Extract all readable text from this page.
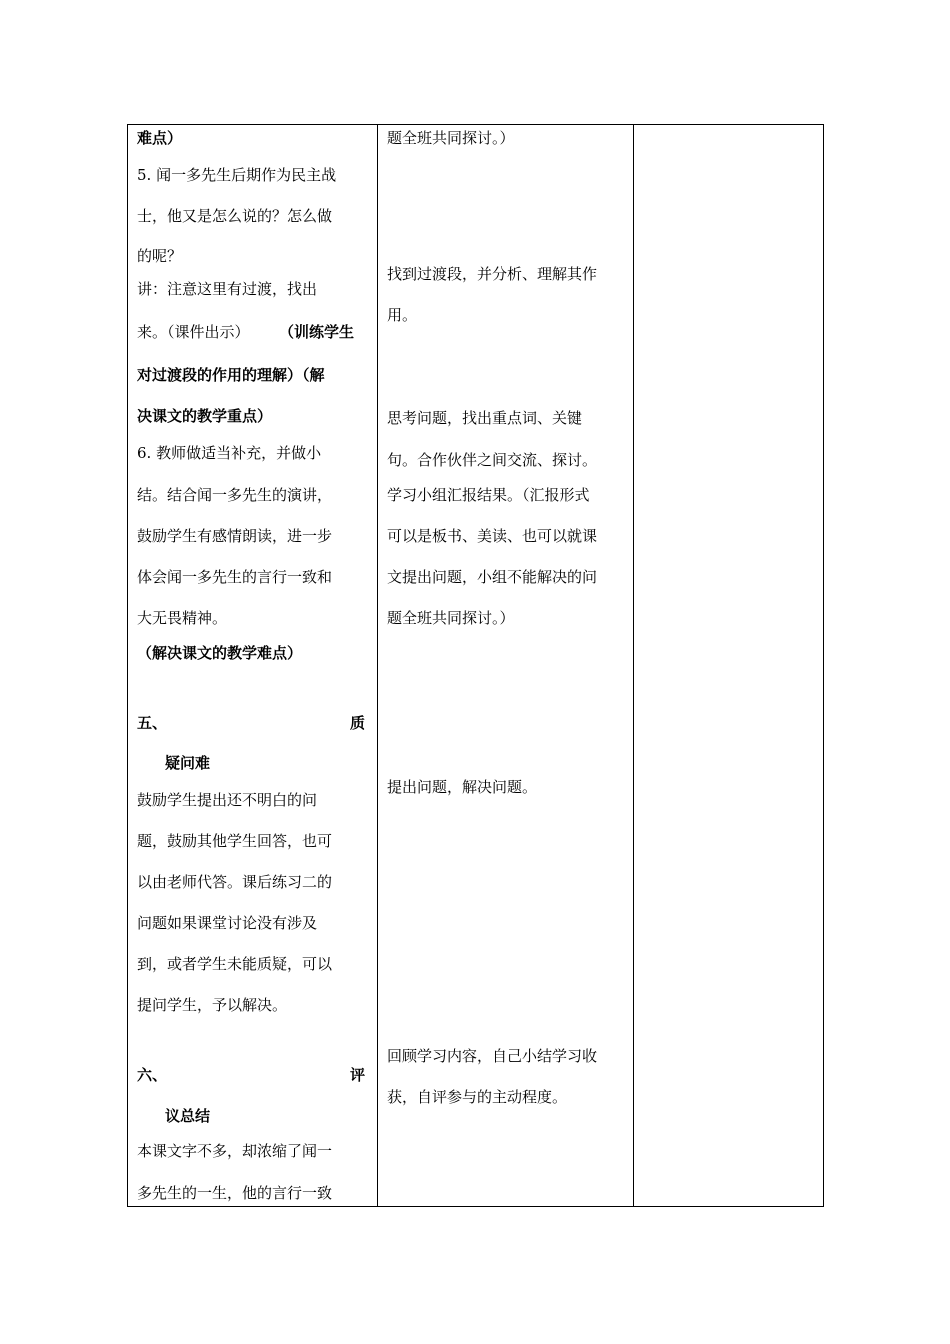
难点）
5. 闻一多先生后期作为民主战
士，他又是怎么说的？怎么做
的呢？
讲：注意这里有过渡，找出
来。（课件出示） （训练学生
对过渡段的作用的理解）（解
决课文的教学重点）
6. 教师做适当补充，并做小
结。结合闻一多先生的演讲，
鼓励学生有感情朗读，进一步
体会闻一多先生的言行一致和
大无畏精神。
（解决课文的教学难点）
五、	质
疑问难
鼓励学生提出还不明白的问
题，鼓励其他学生回答，也可
以由老师代答。课后练习二的
问题如果课堂讨论没有涉及
到，或者学生未能质疑，可以
提问学生，予以解决。
六、	评
议总结
本课文字不多，却浓缩了闻一
多先生的一生，他的言行一致
题全班共同探讨。）
找到过渡段，并分析、理解其作
用。
思考问题，找出重点词、关键
句。合作伙伴之间交流、探讨。
学习小组汇报结果。（汇报形式
可以是板书、美读、也可以就课
文提出问题，小组不能解决的问
题全班共同探讨。）
提出问题，解决问题。
回顾学习内容，自己小结学习收
获，自评参与的主动程度。
